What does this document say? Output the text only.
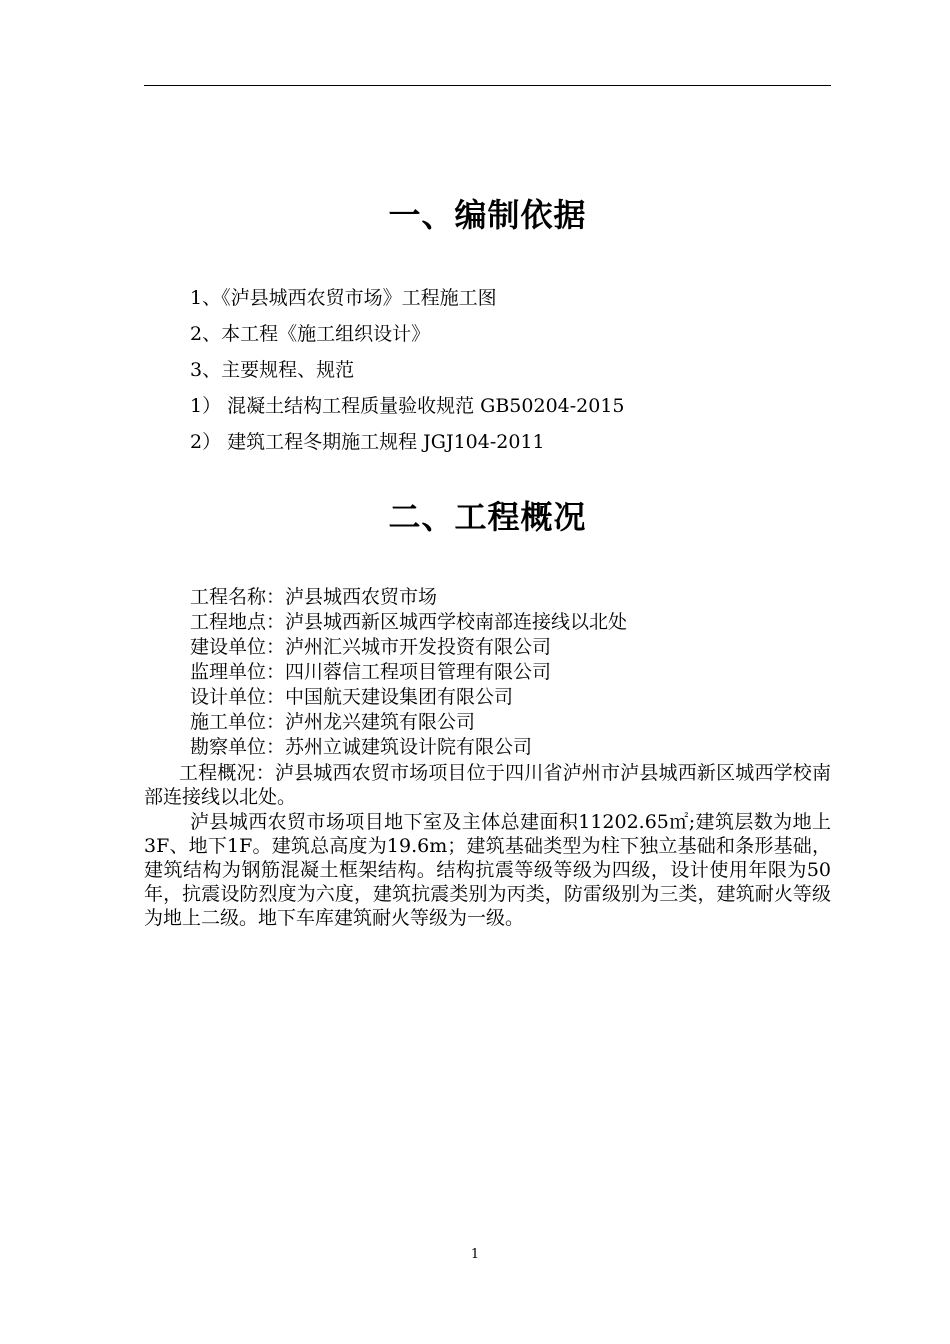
一、编制依据
1、《泸县城西农贸市场》工程施工图
2、本工程《施工组织设计》
3、主要规程、规范
1） 混凝土结构工程质量验收规范 GB50204-2015
2） 建筑工程冬期施工规程 JGJ104-2011
二、工程概况
工程名称：泸县城西农贸市场
工程地点：泸县城西新区城西学校南部连接线以北处
建设单位：泸州汇兴城市开发投资有限公司
监理单位：四川蓉信工程项目管理有限公司
设计单位：中国航天建设集团有限公司
施工单位：泸州龙兴建筑有限公司
勘察单位：苏州立诚建筑设计院有限公司
工程概况：泸县城西农贸市场项目位于四川省泸州市泸县城西新区城西学校南部连接线以北处。
泸县城西农贸市场项目地下室及主体总建面积11202.65㎡;建筑层数为地上3F、地下1F。建筑总高度为19.6m；建筑基础类型为柱下独立基础和条形基础，建筑结构为钢筋混凝土框架结构。结构抗震等级等级为四级，设计使用年限为50年，抗震设防烈度为六度，建筑抗震类别为丙类，防雷级别为三类，建筑耐火等级为地上二级。地下车库建筑耐火等级为一级。
1
